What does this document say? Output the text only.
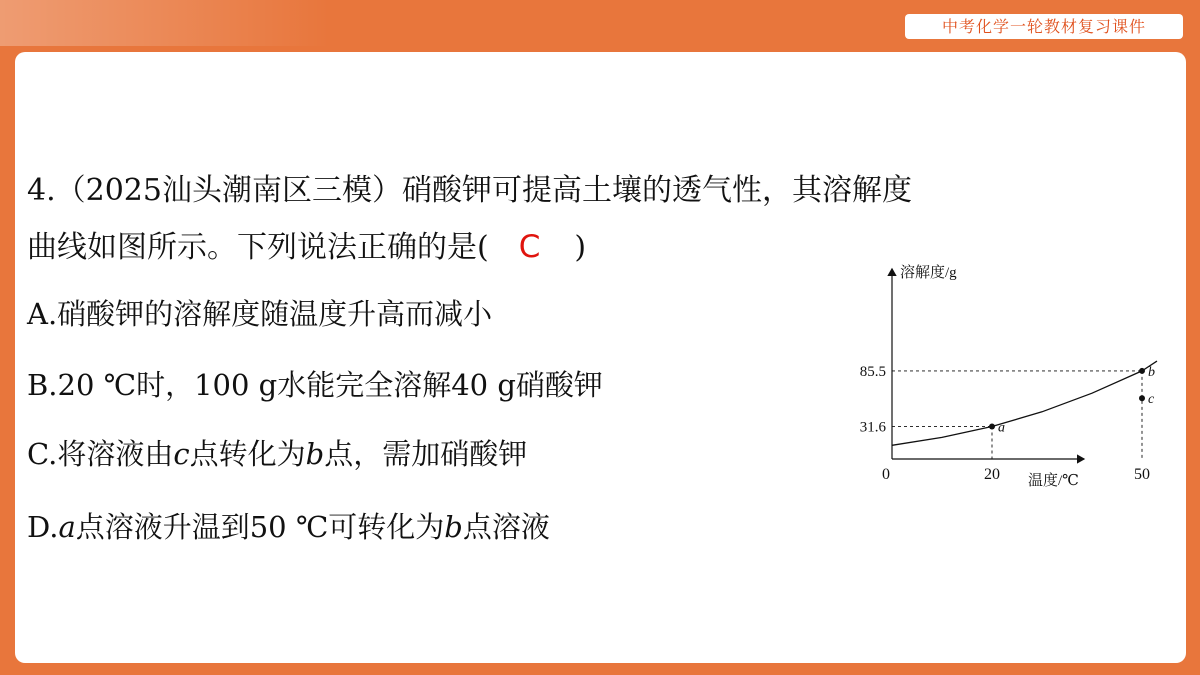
中考化学一轮教材复习课件
4.（2025汕头潮南区三模）硝酸钾可提高土壤的透气性，其溶解度
曲线如图所示。下列说法正确的是( C )
A.硝酸钾的溶解度随温度升高而减小
B.20 ℃时，100 g水能完全溶解40 g硝酸钾
C.将溶液由c点转化为b点，需加硝酸钾
D.a点溶液升温到50 ℃可转化为b点溶液
20	50
31.6
85.5
a
b
c
溶解度/g
温度/℃
0
